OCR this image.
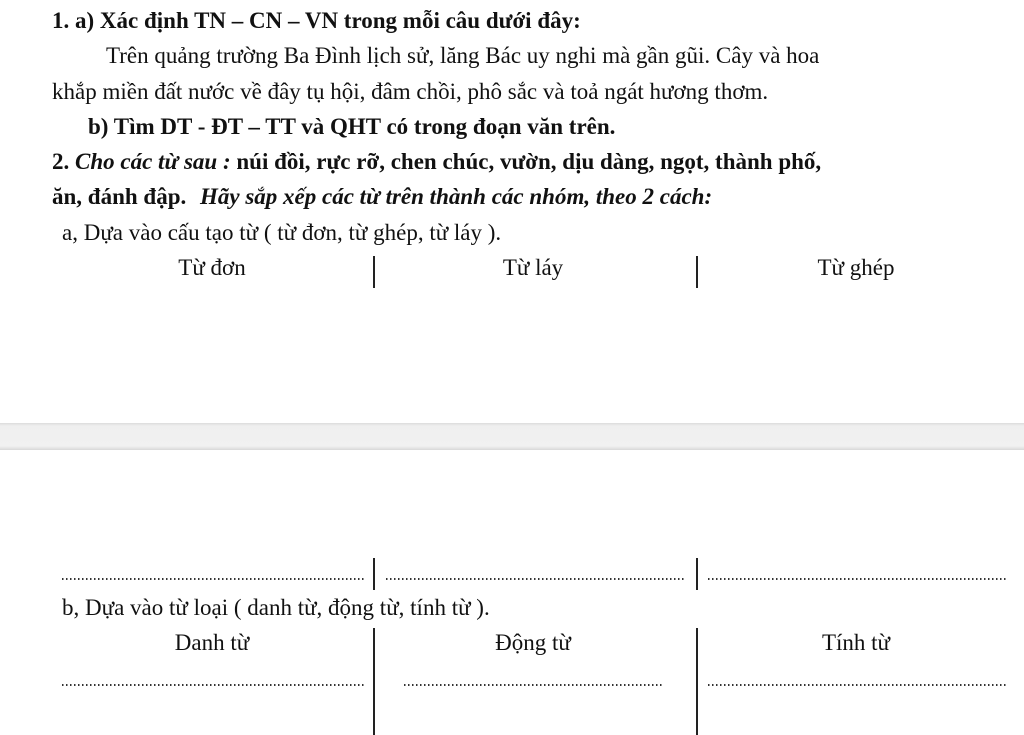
1. a) Xác định TN – CN – VN trong mỗi câu dưới đây:
Trên quảng trường Ba Đình lịch sử, lăng Bác uy nghi mà gần gũi. Cây và hoa
khắp miền đất nước về đây tụ hội, đâm chồi, phô sắc và toả ngát hương thơm.
b) Tìm DT - ĐT – TT và QHT có trong đoạn văn trên.
2. Cho các từ sau : núi đồi, rực rỡ, chen chúc, vườn, dịu dàng, ngọt, thành phố,
ăn, đánh đập. Hãy sắp xếp các từ trên thành các nhóm, theo 2 cách:
a, Dựa vào cấu tạo từ ( từ đơn, từ ghép, từ láy ).
Từ đơn	Từ láy	Từ ghép
b, Dựa vào từ loại ( danh từ, động từ, tính từ ).
Danh từ	Động từ	Tính từ
